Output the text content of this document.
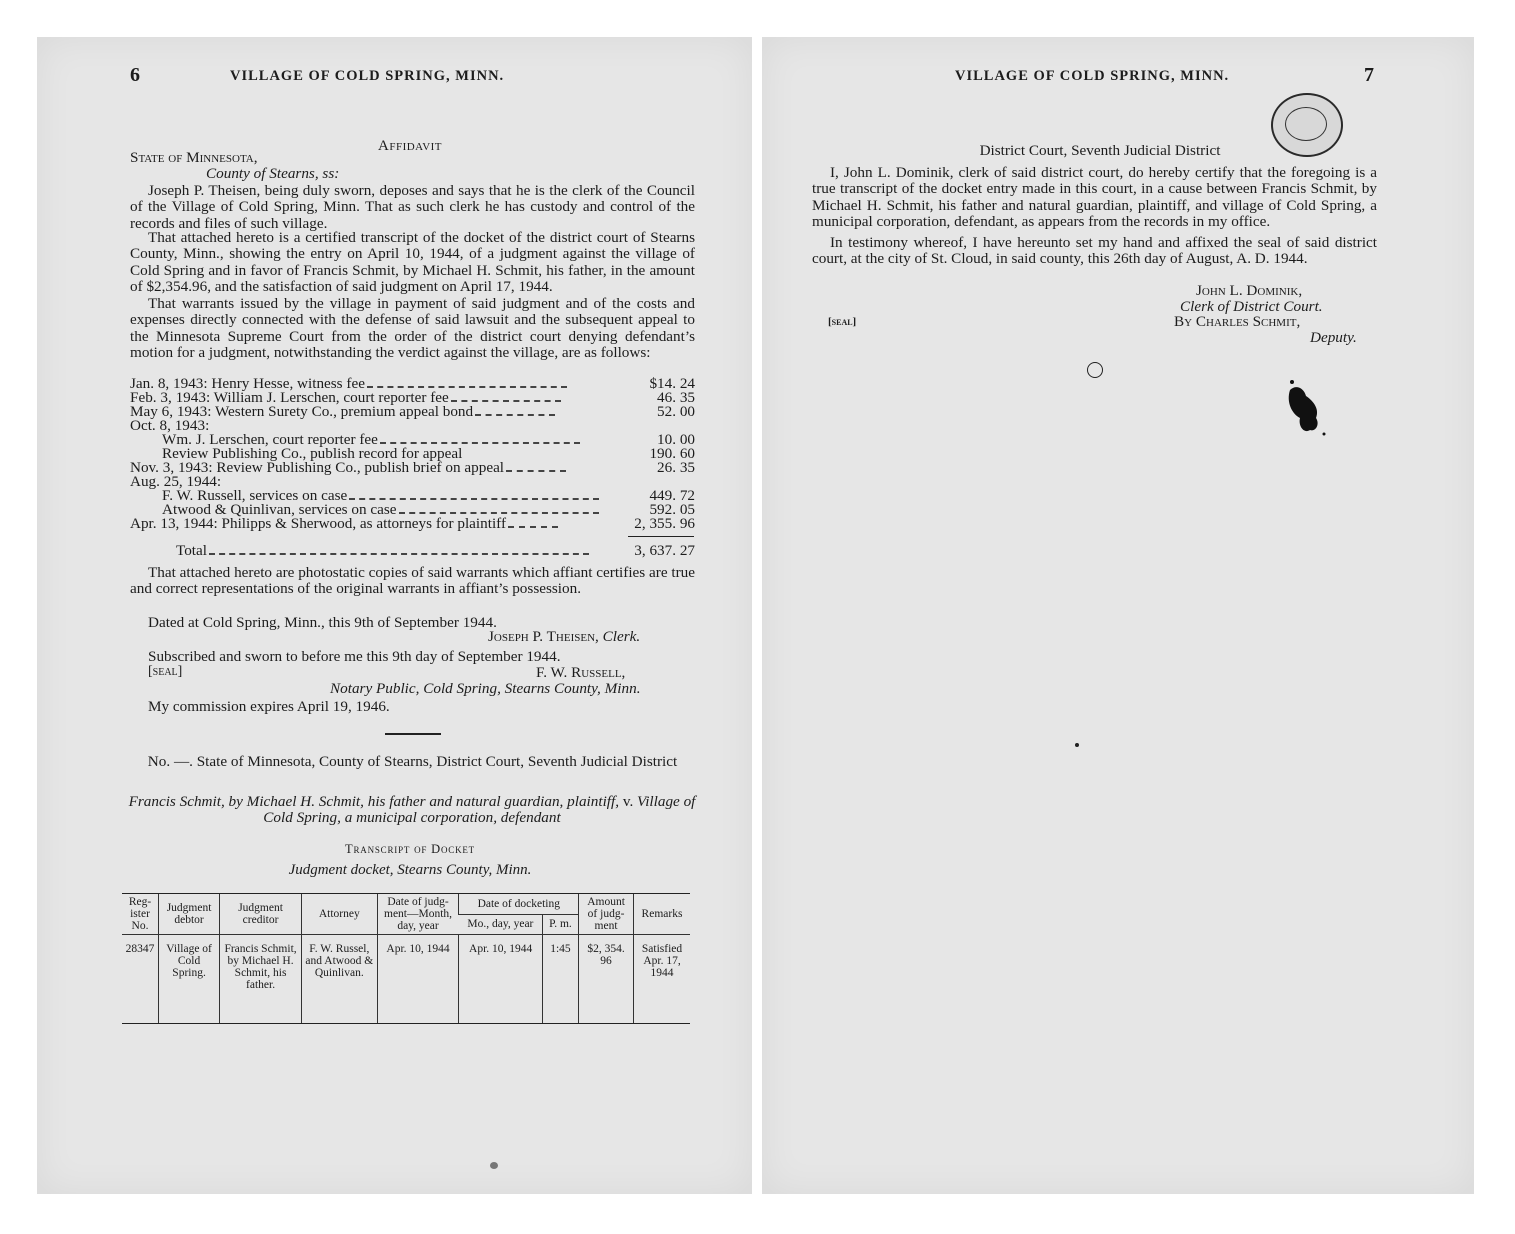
6	VILLAGE OF COLD SPRING, MINN.
Affidavit
State of Minnesota,
County of Stearns, ss:
Joseph P. Theisen, being duly sworn, deposes and says that he is the clerk of the Council of the Village of Cold Spring, Minn. That as such clerk he has custody and control of the records and files of such village.
That attached hereto is a certified transcript of the docket of the district court of Stearns County, Minn., showing the entry on April 10, 1944, of a judgment against the village of Cold Spring and in favor of Francis Schmit, by Michael H. Schmit, his father, in the amount of $2,354.96, and the satisfaction of said judgment on April 17, 1944.
That warrants issued by the village in payment of said judgment and of the costs and expenses directly connected with the defense of said lawsuit and the subsequent appeal to the Minnesota Supreme Court from the order of the district court denying defendant’s motion for a judgment, notwithstanding the verdict against the village, are as follows:
Jan. 8, 1943: Henry Hesse, witness fee	$14. 24
Feb. 3, 1943: William J. Lerschen, court reporter fee	46. 35
May 6, 1943: Western Surety Co., premium appeal bond	52. 00
Oct. 8, 1943:
Wm. J. Lerschen, court reporter fee	10. 00
Review Publishing Co., publish record for appeal	190. 60
Nov. 3, 1943: Review Publishing Co., publish brief on appeal	26. 35
Aug. 25, 1944:
F. W. Russell, services on case	449. 72
Atwood & Quinlivan, services on case	592. 05
Apr. 13, 1944: Philipps & Sherwood, as attorneys for plaintiff	2, 355. 96
Total	3, 637. 27
That attached hereto are photostatic copies of said warrants which affiant certifies are true and correct representations of the original warrants in affiant’s possession.
Dated at Cold Spring, Minn., this 9th of September 1944.
Joseph P. Theisen, Clerk.
Subscribed and sworn to before me this 9th day of September 1944.
[seal]	F. W. Russell,
Notary Public, Cold Spring, Stearns County, Minn.
My commission expires April 19, 1946.
No. —. State of Minnesota, County of Stearns, District Court, Seventh Judicial District
Francis Schmit, by Michael H. Schmit, his father and natural guardian, plaintiff, v. Village of Cold Spring, a municipal corporation, defendant
Transcript of Docket
Judgment docket, Stearns County, Minn.
Reg-ister No.	Judgment debtor	Judgment creditor	Attorney	Date of judg-ment—Month, day, year	Date of docketing		Amount of judg-ment	Remarks
					Mo., day, year	P. m.		
28347	Village of Cold Spring.	Francis Schmit, by Michael H. Schmit, his father.	F. W. Russel, and Atwood & Quinlivan.	Apr. 10, 1944	Apr. 10, 1944	1:45	$2, 354. 96	Satisfied Apr. 17, 1944
VILLAGE OF COLD SPRING, MINN.	7
District Court, Seventh Judicial District
I, John L. Dominik, clerk of said district court, do hereby certify that the foregoing is a true transcript of the docket entry made in this court, in a cause between Francis Schmit, by Michael H. Schmit, his father and natural guardian, plaintiff, and village of Cold Spring, a municipal corporation, defendant, as appears from the records in my office.
In testimony whereof, I have hereunto set my hand and affixed the seal of said district court, at the city of St. Cloud, in said county, this 26th day of August, A. D. 1944.
John L. Dominik,
Clerk of District Court.
[seal]	By Charles Schmit,
Deputy.
